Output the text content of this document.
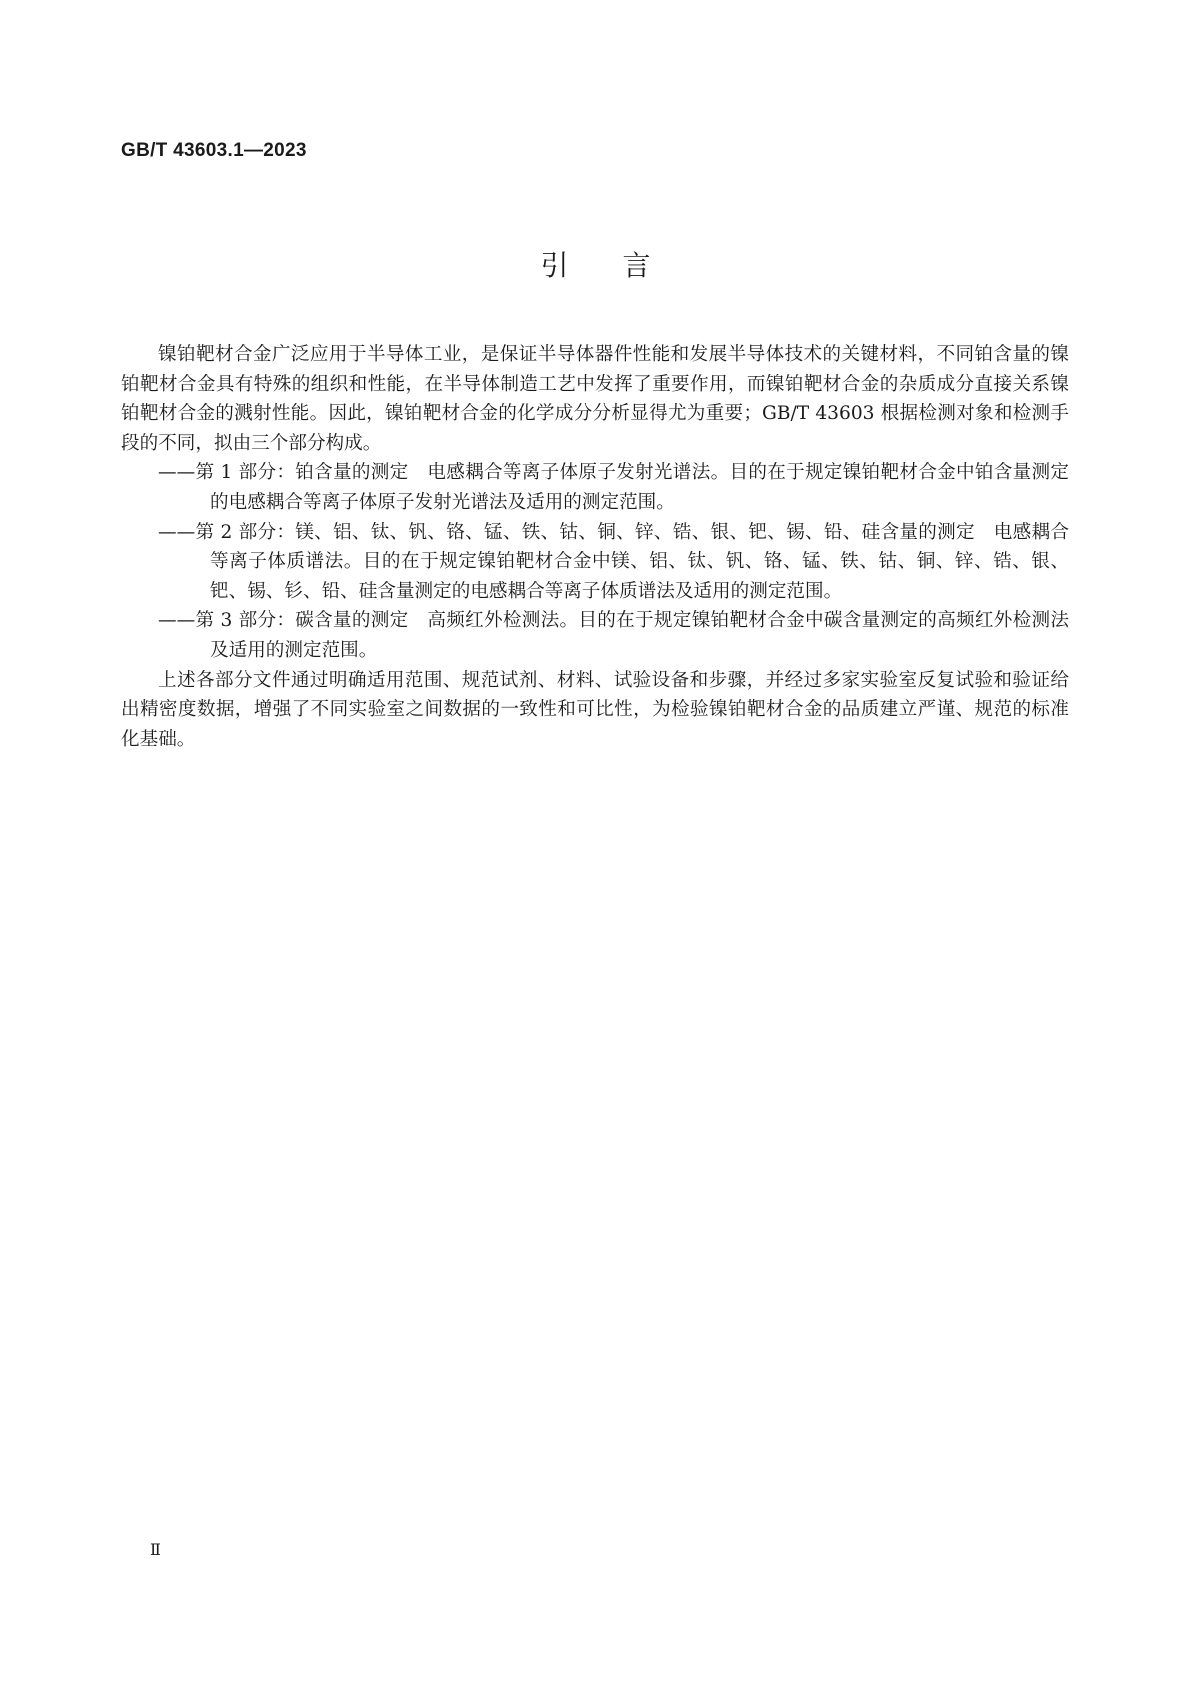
GB/T 43603.1—2023
引 言

镍铂靶材合金广泛应用于半导体工业，是保证半导体器件性能和发展半导体技术的关键材料，不同铂含量的镍铂靶材合金具有特殊的组织和性能，在半导体制造工艺中发挥了重要作用，而镍铂靶材合金的杂质成分直接关系镍铂靶材合金的溅射性能。因此，镍铂靶材合金的化学成分分析显得尤为重要；GB/T 43603 根据检测对象和检测手段的不同，拟由三个部分构成。

——第 1 部分：铂含量的测定　电感耦合等离子体原子发射光谱法。目的在于规定镍铂靶材合金中铂含量测定的电感耦合等离子体原子发射光谱法及适用的测定范围。

——第 2 部分：镁、铝、钛、钒、铬、锰、铁、钴、铜、锌、锆、银、钯、锡、铅、硅含量的测定　电感耦合等离子体质谱法。目的在于规定镍铂靶材合金中镁、铝、钛、钒、铬、锰、铁、钴、铜、锌、锆、银、钯、锡、钐、铅、硅含量测定的电感耦合等离子体质谱法及适用的测定范围。

——第 3 部分：碳含量的测定　高频红外检测法。目的在于规定镍铂靶材合金中碳含量测定的高频红外检测法及适用的测定范围。

上述各部分文件通过明确适用范围、规范试剂、材料、试验设备和步骤，并经过多家实验室反复试验和验证给出精密度数据，增强了不同实验室之间数据的一致性和可比性，为检验镍铂靶材合金的品质建立严谨、规范的标准化基础。

Ⅱ
